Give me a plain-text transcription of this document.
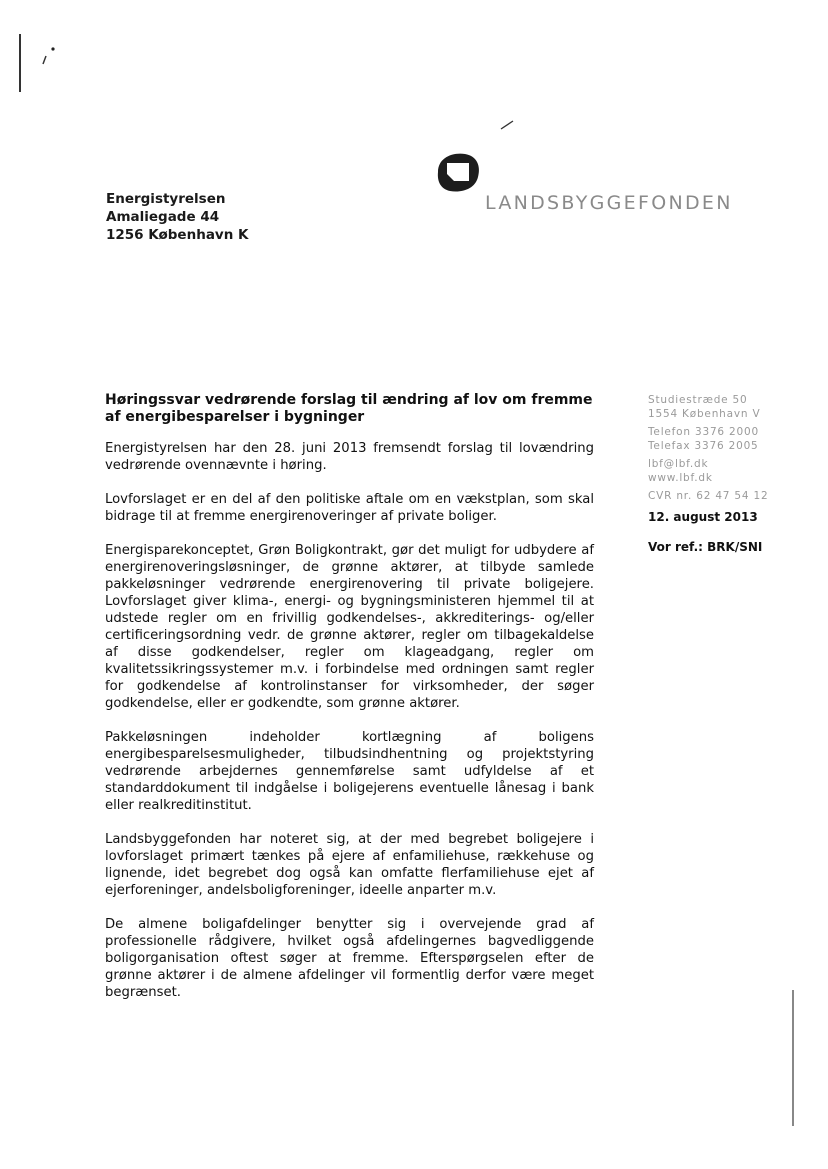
Energistyrelsen
Amaliegade 44
1256 København K
LANDSBYGGEFONDEN
Høringssvar vedrørende forslag til ændring af lov om fremme af energibesparelser i bygninger

Energistyrelsen har den 28. juni 2013 fremsendt forslag til lovændring vedrørende ovennævnte i høring.

Lovforslaget er en del af den politiske aftale om en vækstplan, som skal bidrage til at fremme energirenoveringer af private boliger.

Energisparekonceptet, Grøn Boligkontrakt, gør det muligt for udbydere af energirenoveringsløsninger, de grønne aktører, at tilbyde samlede pakkeløsninger vedrørende energirenovering til private boligejere. Lovforslaget giver klima-, energi- og bygningsministeren hjemmel til at udstede regler om en frivillig godkendelses-, akkrediterings- og/eller certificeringsordning vedr. de grønne aktører, regler om tilbagekaldelse af disse godkendelser, regler om klageadgang, regler om kvalitetssikringssystemer m.v. i forbindelse med ordningen samt regler for godkendelse af kontrolinstanser for virksomheder, der søger godkendelse, eller er godkendte, som grønne aktører.

Pakkeløsningen indeholder kortlægning af boligens energibesparelsesmuligheder, tilbudsindhentning og projektstyring vedrørende arbejdernes gennemførelse samt udfyldelse af et standarddokument til indgåelse i boligejerens eventuelle lånesag i bank eller realkreditinstitut.

Landsbyggefonden har noteret sig, at der med begrebet boligejere i lovforslaget primært tænkes på ejere af enfamiliehuse, rækkehuse og lignende, idet begrebet dog også kan omfatte flerfamiliehuse ejet af ejerforeninger, andelsboligforeninger, ideelle anparter m.v.

De almene boligafdelinger benytter sig i overvejende grad af professionelle rådgivere, hvilket også afdelingernes bagvedliggende boligorganisation oftest søger at fremme. Efterspørgselen efter de grønne aktører i de almene afdelinger vil formentlig derfor være meget begrænset.

Studiestræde 50
1554 København V
Telefon 3376 2000
Telefax 3376 2005
lbf@lbf.dk
www.lbf.dk
CVR nr. 62 47 54 12
12. august 2013
Vor ref.: BRK/SNI
